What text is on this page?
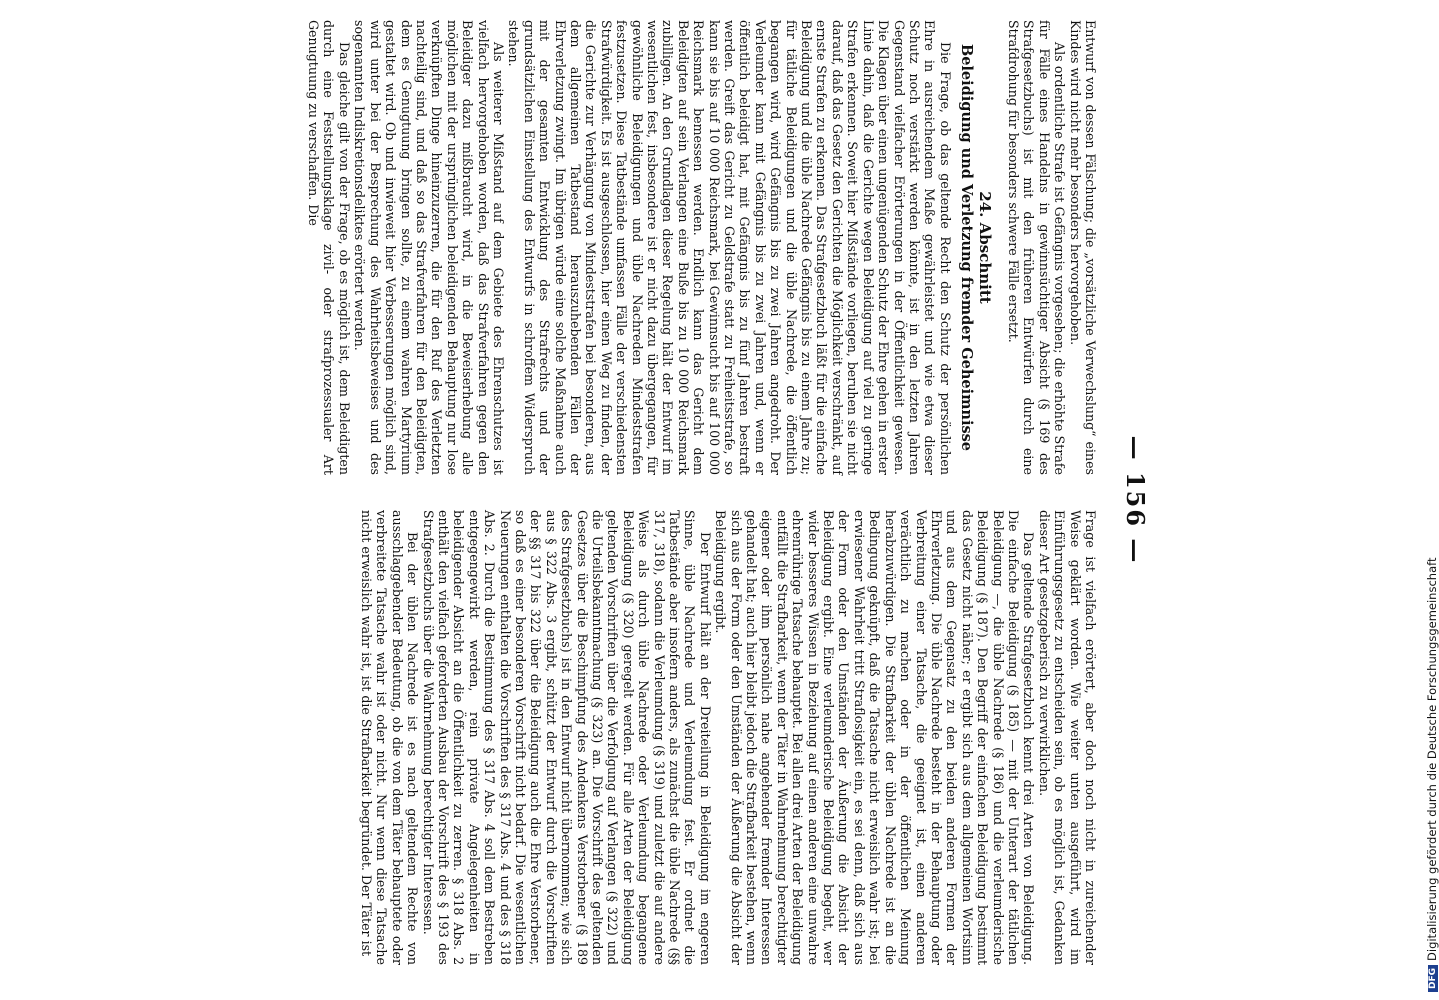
— 156 —

Entwurf von dessen Fälschung; die „vorsätzliche Verwechslung“ eines Kindes wird nicht mehr besonders hervorgehoben.

Als ordentliche Strafe ist Gefängnis vorgesehen; die erhöhte Strafe für Fälle eines Handelns in gewinnsüchtiger Absicht (§ 169 des Strafgesetzbuchs) ist mit den früheren Entwürfen durch eine Strafdrohung für besonders schwere Fälle ersetzt.

24. Abschnitt
Beleidigung und Verletzung fremder Geheimnisse

Die Frage, ob das geltende Recht den Schutz der persönlichen Ehre in ausreichendem Maße gewährleistet und wie etwa dieser Schutz noch verstärkt werden könnte, ist in den letzten Jahren Gegenstand vielfacher Erörterungen in der Öffentlichkeit gewesen. Die Klagen über einen ungenügenden Schutz der Ehre gehen in erster Linie dahin, daß die Gerichte wegen Beleidigung auf viel zu geringe Strafen erkennen. Soweit hier Mißstände vorliegen, beruhen sie nicht darauf, daß das Gesetz den Gerichten die Möglichkeit verschränkt, auf ernste Strafen zu erkennen. Das Strafgesetzbuch läßt für die einfache Beleidigung und die üble Nachrede Gefängnis bis zu einem Jahre zu; für tätliche Beleidigungen und die üble Nachrede, die öffentlich begangen wird, wird Gefängnis bis zu zwei Jahren angedroht. Der Verleumder kann mit Gefängnis bis zu zwei Jahren und, wenn er öffentlich beleidigt hat, mit Gefängnis bis zu fünf Jahren bestraft werden. Greift das Gericht zu Geldstrafe statt zu Freiheitsstrafe, so kann sie bis auf 10 000 Reichsmark, bei Gewinnsucht bis auf 100 000 Reichsmark bemessen werden. Endlich kann das Gericht dem Beleidigten auf sein Verlangen eine Buße bis zu 10 000 Reichsmark zubilligen. An den Grundlagen dieser Regelung hält der Entwurf im wesentlichen fest, insbesondere ist er nicht dazu übergegangen, für gewöhnliche Beleidigungen und üble Nachreden Mindeststrafen festzusetzen. Diese Tatbestände umfassen Fälle der verschiedensten Strafwürdigkeit. Es ist ausgeschlossen, hier einen Weg zu finden, der die Gerichte zur Verhängung von Mindeststrafen bei besonderen, aus dem allgemeinen Tatbestand herauszuhebenden Fällen der Ehrverletzung zwingt. Im übrigen würde eine solche Maßnahme auch mit der gesamten Entwicklung des Strafrechts und der grundsätzlichen Einstellung des Entwurfs in schroffem Widerspruch stehen.

Als weiterer Mißstand auf dem Gebiete des Ehrenschutzes ist vielfach hervorgehoben worden, daß das Strafverfahren gegen den Beleidiger dazu mißbraucht wird, in die Beweiserhebung alle möglichen mit der ursprünglichen beleidigenden Behauptung nur lose verknüpften Dinge hineinzuzerren, die für den Ruf des Verletzten nachteilig sind, und daß so das Strafverfahren für den Beleidigten, dem es Genugtuung bringen sollte, zu einem wahren Martyrium gestaltet wird. Ob und inwieweit hier Verbesserungen möglich sind, wird unter bei der Besprechung des Wahrheitsbeweises und des sogenannten Indiskretionsdeliktes erörtert werden.

Das gleiche gilt von der Frage, ob es möglich ist, dem Beleidigten durch eine Feststellungsklage zivil- oder strafprozessualer Art Genugtuung zu verschaffen. Die

Frage ist vielfach erörtert, aber doch noch nicht in zureichender Weise geklärt worden. Wie weiter unten ausgeführt, wird im Einführungsgesetz zu entscheiden sein, ob es möglich ist, Gedanken dieser Art gesetzgeberisch zu verwirklichen.

Das geltende Strafgesetzbuch kennt drei Arten von Beleidigung. Die einfache Beleidigung (§ 185) — mit der Unterart der tätlichen Beleidigung —, die üble Nachrede (§ 186) und die verleumderische Beleidigung (§ 187). Den Begriff der einfachen Beleidigung bestimmt das Gesetz nicht näher; er ergibt sich aus dem allgemeinen Wortsinn und aus dem Gegensatz zu den beiden anderen Formen der Ehrverletzung. Die üble Nachrede besteht in der Behauptung oder Verbreitung einer Tatsache, die geeignet ist, einen anderen verächtlich zu machen oder in der öffentlichen Meinung herabzuwürdigen. Die Strafbarkeit der üblen Nachrede ist an die Bedingung geknüpft, daß die Tatsache nicht erweislich wahr ist; bei erwiesener Wahrheit tritt Straflosigkeit ein, es sei denn, daß sich aus der Form oder den Umständen der Äußerung die Absicht der Beleidigung ergibt. Eine verleumderische Beleidigung begeht, wer wider besseres Wissen in Beziehung auf einen anderen eine unwahre ehrenrührige Tatsache behauptet. Bei allen drei Arten der Beleidigung entfällt die Strafbarkeit, wenn der Täter in Wahrnehmung berechtigter eigener oder ihm persönlich nahe angehender fremder Interessen gehandelt hat; auch hier bleibt jedoch die Strafbarkeit bestehen, wenn sich aus der Form oder den Umständen der Äußerung die Absicht der Beleidigung ergibt.

Der Entwurf hält an der Dreiteilung in Beleidigung im engeren Sinne, üble Nachrede und Verleumdung fest. Er ordnet die Tatbestände aber insofern anders, als zunächst die üble Nachrede (§§ 317, 318), sodann die Verleumdung (§ 319) und zuletzt die auf andere Weise als durch üble Nachrede oder Verleumdung begangene Beleidigung (§ 320) geregelt werden. Für alle Arten der Beleidigung geltenden Vorschriften über die Verfolgung auf Verlangen (§ 322) und die Urteilsbekanntmachung (§ 323) an. Die Vorschrift des geltenden Gesetzes über die Beschimpfung des Andenkens Verstorbener (§ 189 des Strafgesetzbuchs) ist in den Entwurf nicht übernommen; wie sich aus § 322 Abs. 3 ergibt, schützt der Entwurf durch die Vorschriften der §§ 317 bis 322 über die Beleidigung auch die Ehre Verstorbener, so daß es einer besonderen Vorschrift nicht bedarf. Die wesentlichen Neuerungen enthalten die Vorschriften des § 317 Abs. 4 und des § 318 Abs. 2. Durch die Bestimmung des § 317 Abs. 4 soll dem Bestreben entgegengewirkt werden, rein private Angelegenheiten in beleidigender Absicht an die Öffentlichkeit zu zerren. § 318 Abs. 2 enthält den vielfach geforderten Ausbau der Vorschrift des § 193 des Strafgesetzbuchs über die Wahrnehmung berechtigter Interessen.

Bei der üblen Nachrede ist es nach geltendem Rechte von ausschlaggebender Bedeutung, ob die von dem Täter behauptete oder verbreitete Tatsache wahr ist oder nicht. Nur wenn diese Tatsache nicht erweislich wahr ist, ist die Strafbarkeit begründet. Der Täter ist

DFGDigitalisierung gefördert durch die Deutsche Forschungsgemeinschaft
